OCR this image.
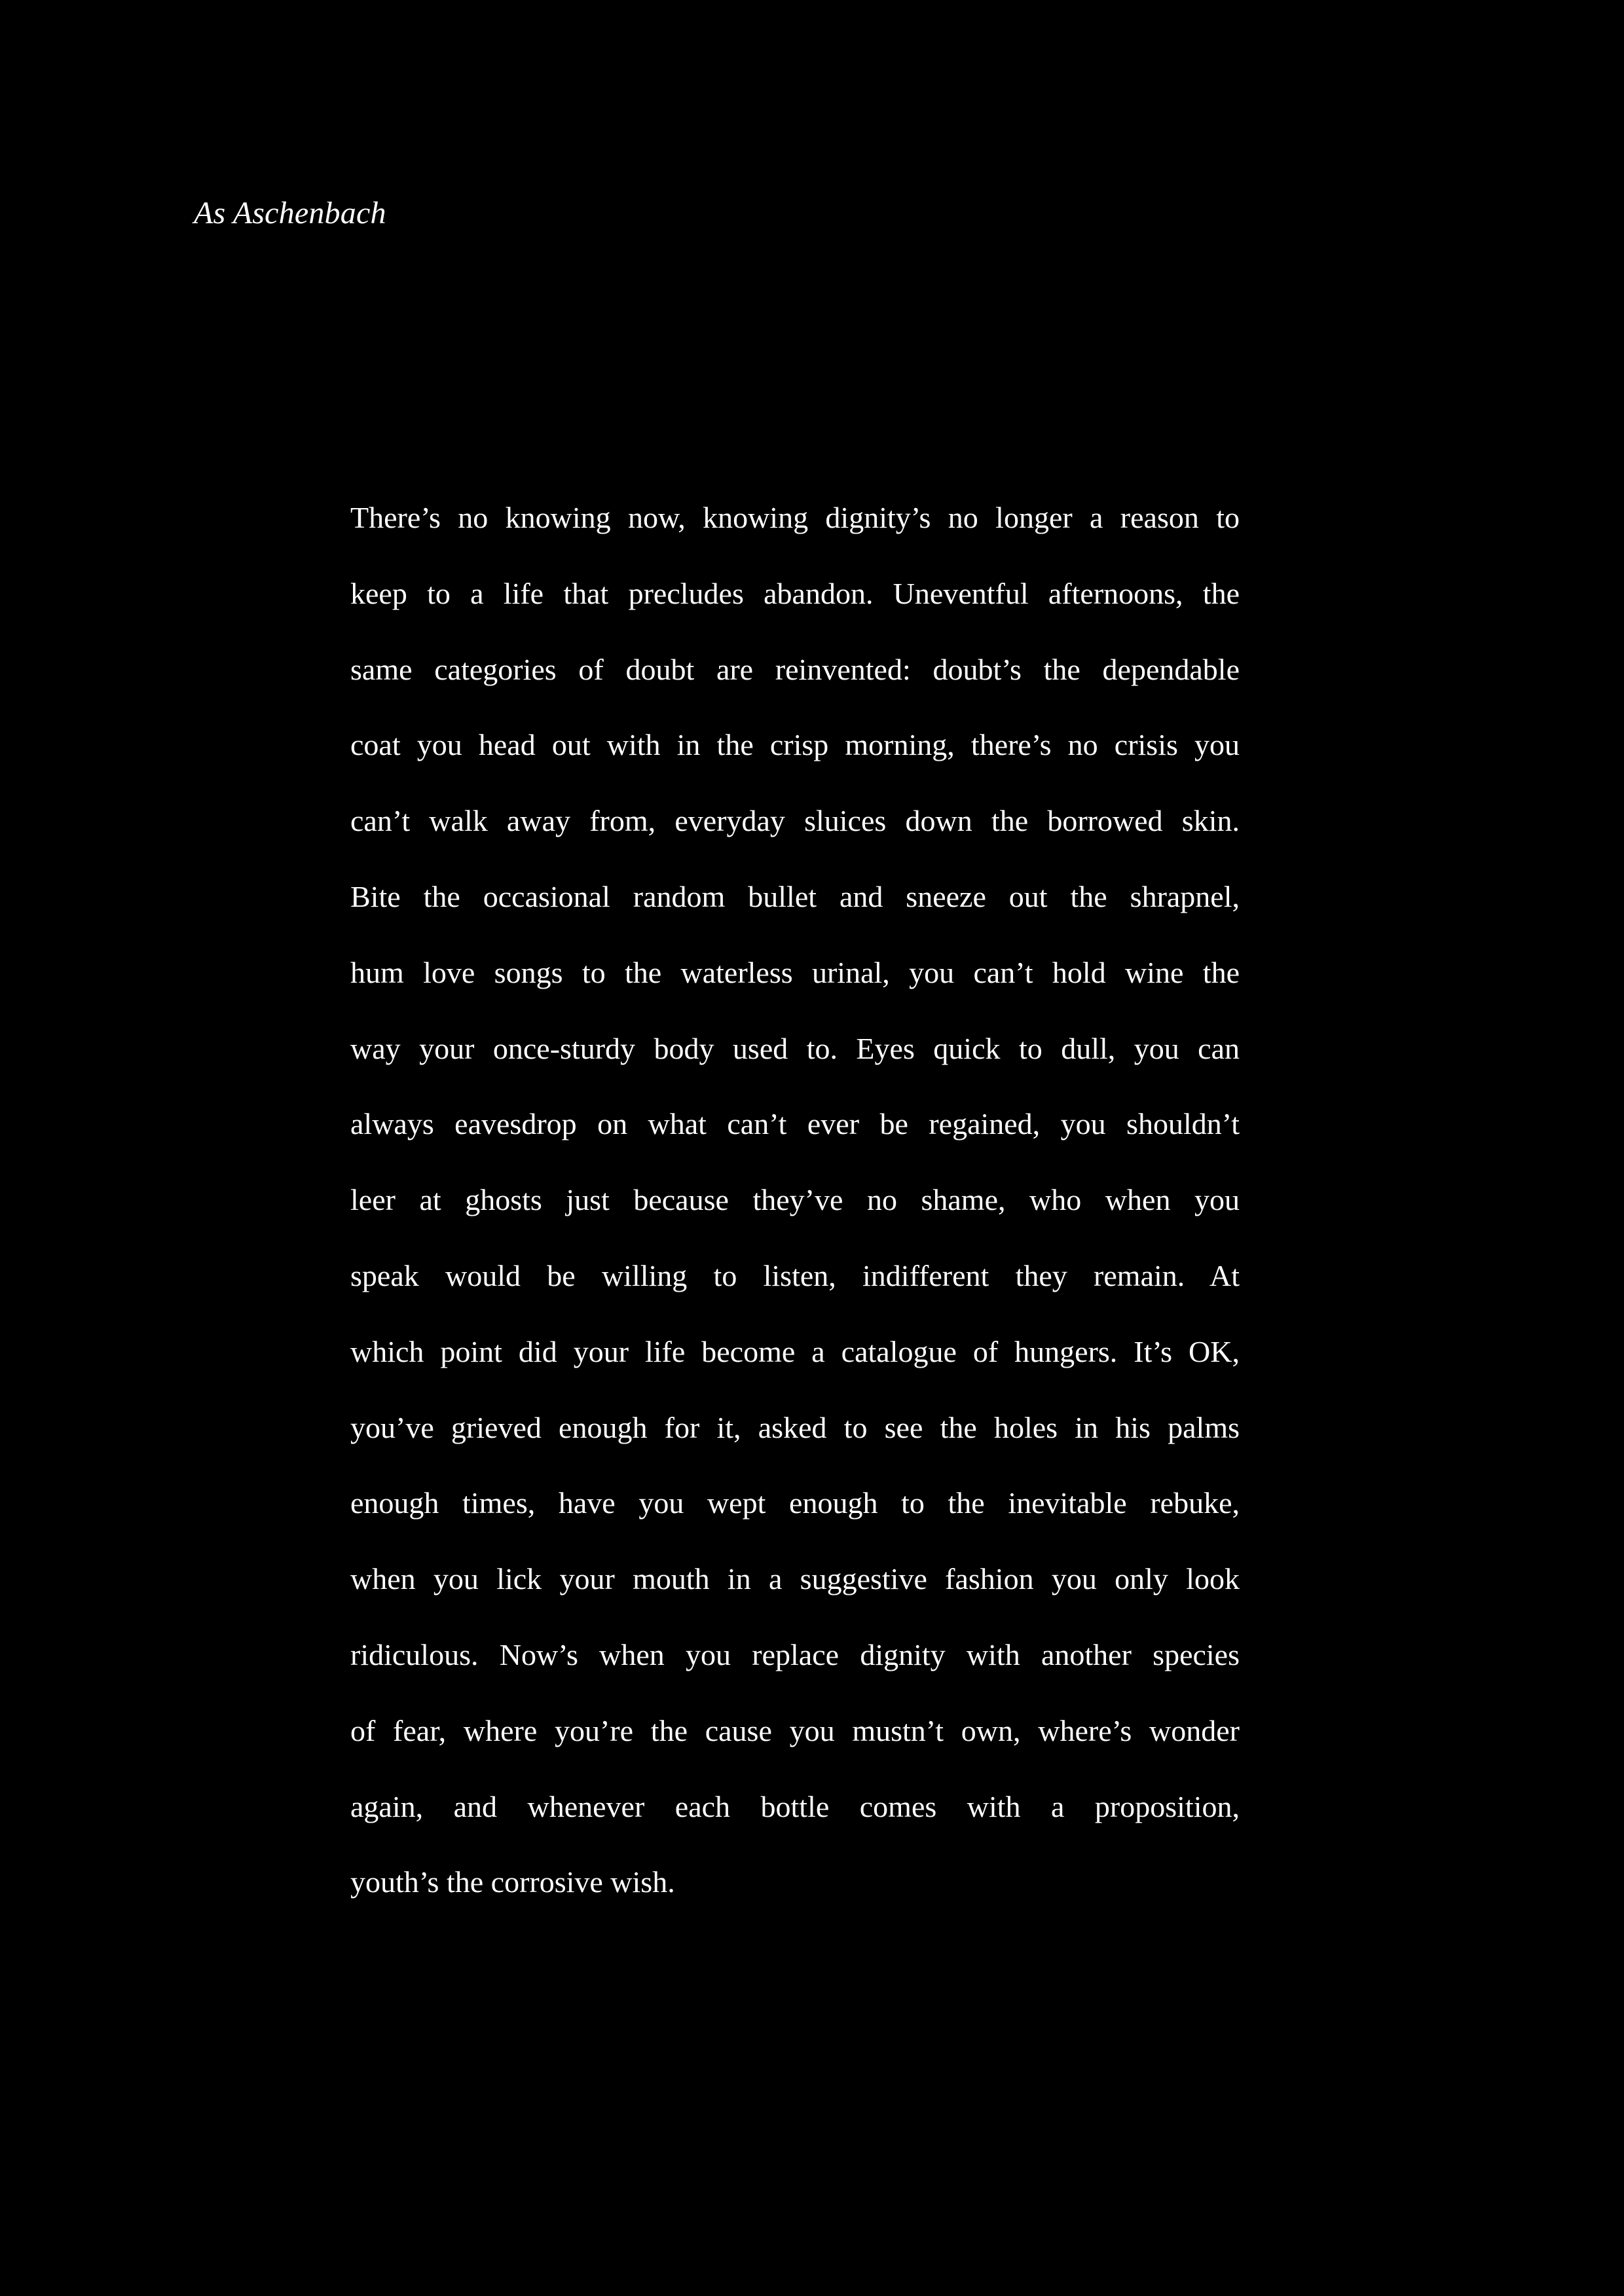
As Aschenbach
There’s no knowing now, knowing dignity’s no longer a reason to
keep to a life that precludes abandon. Uneventful afternoons, the
same categories of doubt are reinvented: doubt’s the dependable
coat you head out with in the crisp morning, there’s no crisis you
can’t walk away from, everyday sluices down the borrowed skin.
Bite the occasional random bullet and sneeze out the shrapnel,
hum love songs to the waterless urinal, you can’t hold wine the
way your once-sturdy body used to. Eyes quick to dull, you can
always eavesdrop on what can’t ever be regained, you shouldn’t
leer at ghosts just because they’ve no shame, who when you
speak would be willing to listen, indifferent they remain. At
which point did your life become a catalogue of hungers. It’s OK,
you’ve grieved enough for it, asked to see the holes in his palms
enough times, have you wept enough to the inevitable rebuke,
when you lick your mouth in a suggestive fashion you only look
ridiculous. Now’s when you replace dignity with another species
of fear, where you’re the cause you mustn’t own, where’s wonder
again, and whenever each bottle comes with a proposition,
youth’s the corrosive wish.
